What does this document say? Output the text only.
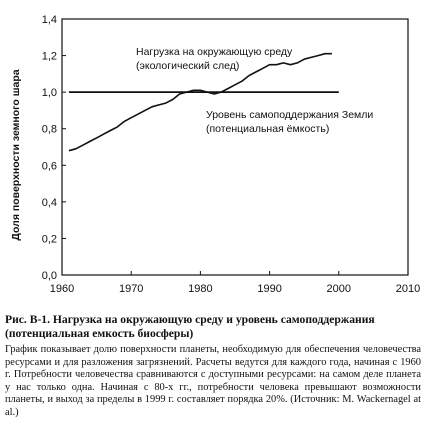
0,0
0,2
0,4
0,6
0,8
1,0
1,2
1,4
1960	1970	1980	1990	2000	2010
Нагрузка на окружающую среду
(экологический след)
Уровень самоподдержания Земли
(потенциальная ёмкость)
Доля поверхности земного шара

Рис. В-1. Нагрузка на окружающую среду и уровень самоподдержания (потенциальная емкость биосферы)

График показывает долю поверхности планеты, необходимую для обеспечения человечества ресурсами и для разложения загрязнений. Расчеты ведутся для каждого года, начиная с 1960 г. Потребности человечества сравниваются с доступными ресурсами: на самом деле планета у нас только одна. Начиная с 80-х гг., потребности человека превышают возможности планеты, и выход за пределы в 1999 г. составляет порядка 20%. (Источник: M. Wackernagel at al.)
